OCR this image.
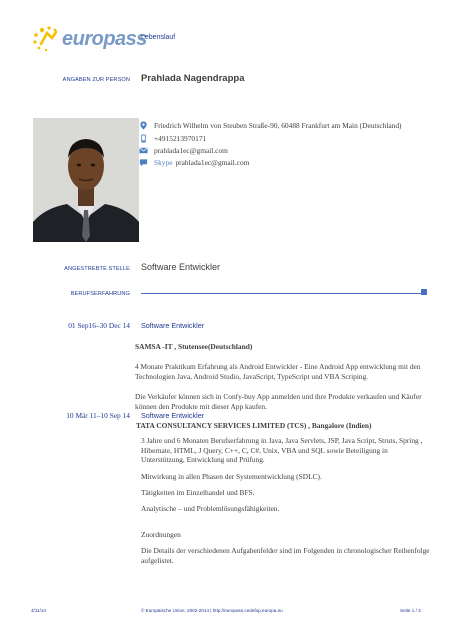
europass
Lebenslauf
ANGABEN ZUR PERSON Prahlada Nagendrappa
Friedrich Wilhelm von Steuben Straße-90, 60488 Frankfurt am Main (Deutschland)
+4915213970171
prahlada1ec@gmail.com
Skype prahlada1ec@gmail.com
ANGESTREBTE STELLE Software Entwickler
BERUFSERFAHRUNG
01 Sep16–30 Dec 14 Software Entwickler
SAMSA -IT , Stutensee(Deutschland)
4 Monate Praktikum Erfahrung als Android Entwickler - Eine Android App entwicklung mit den Technologien Java, Android Studio, JavaScript, TypeScript und VBA Scriping.
Die Verkäufer können sich in Confy-buy App anmelden und ihre Produkte verkaufen und Käufer können den Produkte mit dieser App kaufen.
10 Mär 11–10 Sep 14 Software Entwickler
TATA CONSULTANCY SERVICES LIMITED (TCS) , Bangalore (Indien)
3 Jahre und 6 Monaten Berufserfahrung in Java, Java Servlets, JSP, Java Script, Struts, Spring , Hibernate, HTML, J Query, C++, C, C#, Unix, VBA und SQL sowie Beteiligung in Unterstützung, Entwicklung und Prüfung.
Mitwirkung in allen Phasen der Systementwicklung (SDLC).
Tätigkeiten im Einzelhandel und BFS.
Analytische – und Problemlösungsfähigkeiten.
Zuordnungen
Die Details der verschiedenen Aufgabenfelder sind im Folgenden in chronologischer Reihenfolge aufgelistet.
4/11/14	© Europäische Union, 2002-2014 | http://europass.cedefop.europa.eu	Seite 1 / 3
